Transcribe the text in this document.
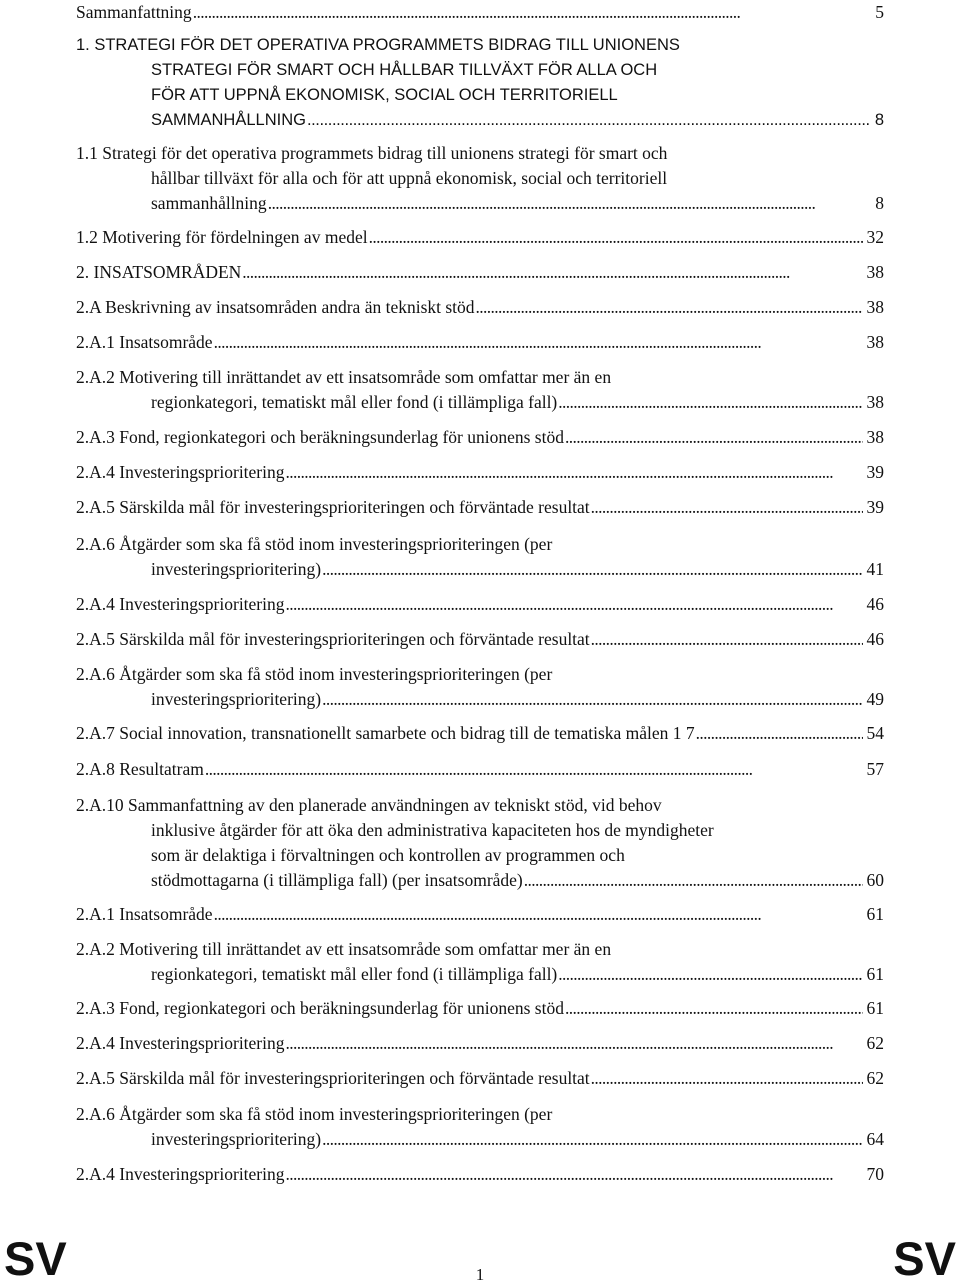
Sammanfattning . . .	5
1. STRATEGI FÖR DET OPERATIVA PROGRAMMETS BIDRAG TILL UNIONENS
STRATEGI FÖR SMART OCH HÅLLBAR TILLVÄXT FÖR ALLA OCH
FÖR ATT UPPNÅ EKONOMISK, SOCIAL OCH TERRITORIELL
SAMMANHÅLLNING . . .	8
1.1 Strategi för det operativa programmets bidrag till unionens strategi för smart och
hållbar tillväxt för alla och för att uppnå ekonomisk, social och territoriell
sammanhållning . . .	8
1.2 Motivering för fördelningen av medel . . .	32
2. INSATSOMRÅDEN . . .	38
2.A Beskrivning av insatsområden andra än tekniskt stöd . . .	38
2.A.1 Insatsområde . . .	38
2.A.2 Motivering till inrättandet av ett insatsområde som omfattar mer än en
regionkategori, tematiskt mål eller fond (i tillämpliga fall) . . .	38
2.A.3 Fond, regionkategori och beräkningsunderlag för unionens stöd . . .	38
2.A.4 Investeringsprioritering . . .	39
2.A.5 Särskilda mål för investeringsprioriteringen och förväntade resultat . . .	39
2.A.6 Åtgärder som ska få stöd inom investeringsprioriteringen (per
investeringsprioritering) . . .	41
2.A.4 Investeringsprioritering . . .	46
2.A.5 Särskilda mål för investeringsprioriteringen och förväntade resultat . . .	46
2.A.6 Åtgärder som ska få stöd inom investeringsprioriteringen (per
investeringsprioritering) . . .	49
2.A.7 Social innovation, transnationellt samarbete och bidrag till de tematiska målen 1 7 . . .	54
2.A.8 Resultatram . . .	57
2.A.10 Sammanfattning av den planerade användningen av tekniskt stöd, vid behov
inklusive åtgärder för att öka den administrativa kapaciteten hos de myndigheter
som är delaktiga i förvaltningen och kontrollen av programmen och
stödmottagarna (i tillämpliga fall) (per insatsområde) . . .	60
2.A.1 Insatsområde . . .	61
2.A.2 Motivering till inrättandet av ett insatsområde som omfattar mer än en
regionkategori, tematiskt mål eller fond (i tillämpliga fall) . . .	61
2.A.3 Fond, regionkategori och beräkningsunderlag för unionens stöd . . .	61
2.A.4 Investeringsprioritering . . .	62
2.A.5 Särskilda mål för investeringsprioriteringen och förväntade resultat . . .	62
2.A.6 Åtgärder som ska få stöd inom investeringsprioriteringen (per
investeringsprioritering) . . .	64
2.A.4 Investeringsprioritering . . .	70
SV	1	SV
